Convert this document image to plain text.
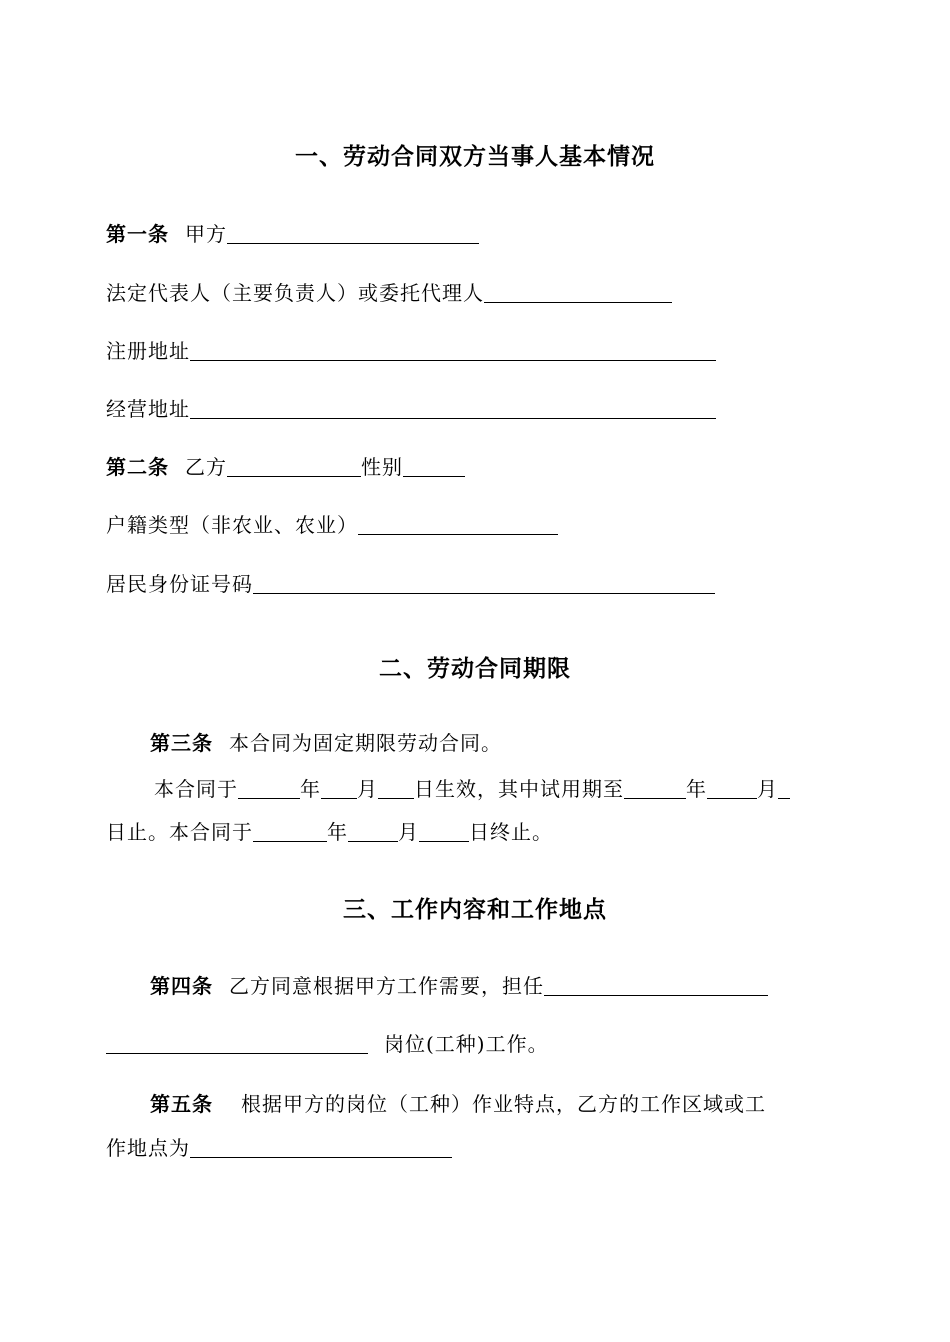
一、劳动合同双方当事人基本情况
第一条 甲方
法定代表人（主要负责人）或委托代理人
注册地址
经营地址
第二条 乙方	性别
户籍类型（非农业、农业）
居民身份证号码
二、劳动合同期限
第三条 本合同为固定期限劳动合同。
本合同于	年 月 日生效，其中试用期至	年	月
日止。本合同于	年	月	日终止。
三、工作内容和工作地点
第四条 乙方同意根据甲方工作需要，担任
岗位(工种)工作。
第五条 根据甲方的岗位（工种）作业特点，乙方的工作区域或工
作地点为
